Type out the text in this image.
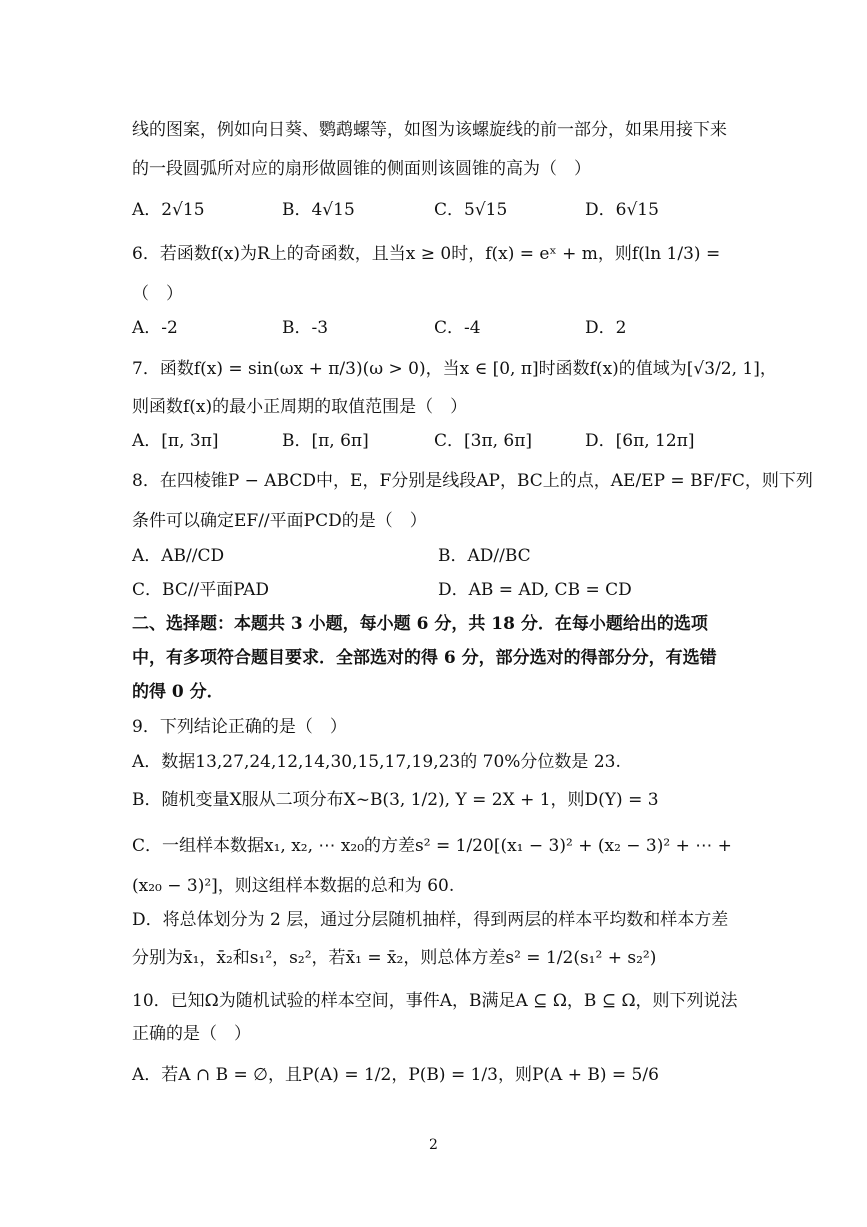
线的图案，例如向日葵、鹦鹉螺等，如图为该螺旋线的前一部分，如果用接下来
的一段圆弧所对应的扇形做圆锥的侧面则该圆锥的高为（　）
A．2√15	B．4√15	C．5√15	D．6√15
6．若函数f(x)为R上的奇函数，且当x ≥ 0时，f(x) = eˣ + m，则f(ln 1/3) =
（　）
A．-2	B．-3	C．-4	D．2
7．函数f(x) = sin(ωx + π/3)(ω > 0)，当x ∈ [0, π]时函数f(x)的值域为[√3/2, 1]，
则函数f(x)的最小正周期的取值范围是（　）
A．[π, 3π]	B．[π, 6π]	C．[3π, 6π]	D．[6π, 12π]
8．在四棱锥P − ABCD中，E，F分别是线段AP，BC上的点，AE/EP = BF/FC，则下列
条件可以确定EF//平面PCD的是（　）
A．AB//CD	B．AD//BC
C．BC//平面PAD	D．AB = AD, CB = CD
二、选择题：本题共 3 小题，每小题 6 分，共 18 分．在每小题给出的选项
中，有多项符合题目要求．全部选对的得 6 分，部分选对的得部分分，有选错
的得 0 分．
9．下列结论正确的是（　）
A．数据13,27,24,12,14,30,15,17,19,23的 70%分位数是 23.
B．随机变量X服从二项分布X~B(3, 1/2), Y = 2X + 1，则D(Y) = 3
C．一组样本数据x₁, x₂, ⋯ x₂₀的方差s² = 1/20[(x₁ − 3)² + (x₂ − 3)² + ⋯ +
(x₂₀ − 3)²]，则这组样本数据的总和为 60.
D．将总体划分为 2 层，通过分层随机抽样，得到两层的样本平均数和样本方差
分别为x̄₁，x̄₂和s₁²，s₂²，若x̄₁ = x̄₂，则总体方差s² = 1/2(s₁² + s₂²)
10．已知Ω为随机试验的样本空间，事件A，B满足A ⊆ Ω，B ⊆ Ω，则下列说法
正确的是（　）
A．若A ∩ B = ∅，且P(A) = 1/2，P(B) = 1/3，则P(A + B) = 5/6
2
